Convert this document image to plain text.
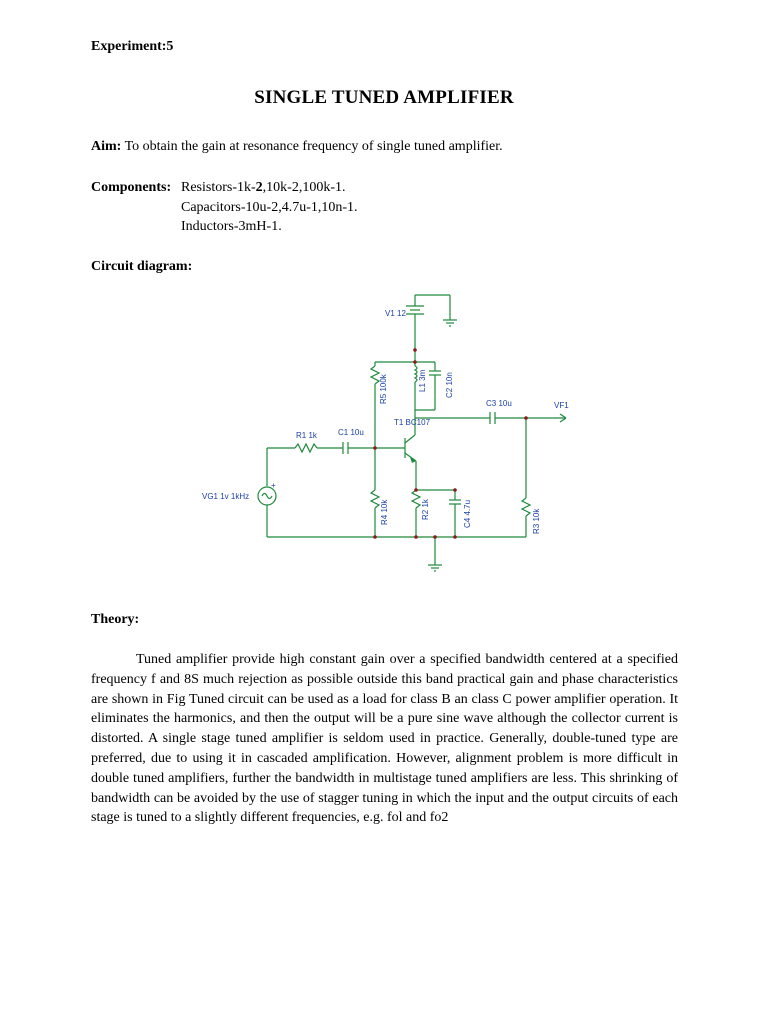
Experiment:5
SINGLE TUNED AMPLIFIER
Aim: To obtain the gain at resonance frequency of single tuned amplifier.
Components: Resistors-1k-2,10k-2,100k-1.
Capacitors-10u-2,4.7u-1,10n-1.
Inductors-3mH-1.
Circuit diagram:
V1 12
R5 100k	L1 3m C2 10n
C3 10u	VF1
T1 BC107
R1 1k	C1 10u
VG1 1v 1kHz
+
R4 10k	R2 1k	C4 4.7u	R3 10k
Theory:

Tuned amplifier provide high constant gain over a specified bandwidth centered at a specified frequency f and 8S much rejection as possible outside this band practical gain and phase characteristics are shown in Fig Tuned circuit can be used as a load for class B an class C power amplifier operation. It eliminates the harmonics, and then the output will be a pure sine wave although the collector current is distorted. A single stage tuned amplifier is seldom used in practice. Generally, double-tuned type are preferred, due to using it in cascaded amplification. However, alignment problem is more difficult in double tuned amplifiers, further the bandwidth in multistage tuned amplifiers are less. This shrinking of bandwidth can be avoided by the use of stagger tuning in which the input and the output circuits of each stage is tuned to a slightly different frequencies, e.g. fol and fo2
